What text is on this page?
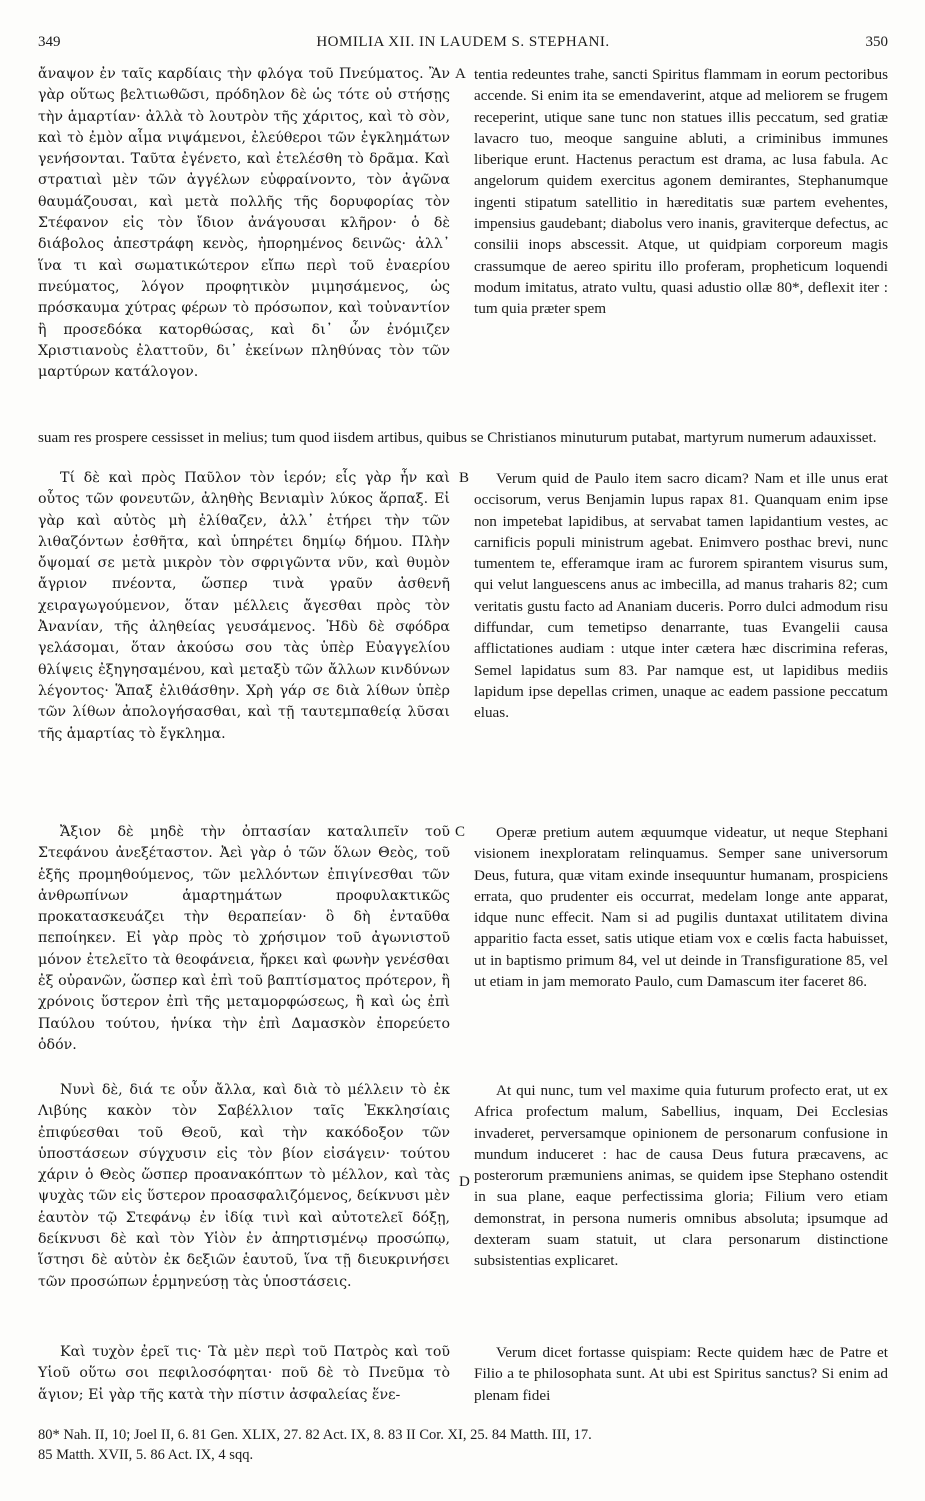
349	HOMILIA XII. IN LAUDEM S. STEPHANI.	350

ἄναψον ἐν ταῖς καρδίαις τὴν φλόγα τοῦ Πνεύματος. Ἂν γὰρ οὕτως βελτιωθῶσι, πρόδηλον δὲ ὡς τότε οὐ στήσῃς τὴν ἁμαρτίαν· ἀλλὰ τὸ λουτρὸν τῆς χάριτος, καὶ τὸ σὸν, καὶ τὸ ἐμὸν αἷμα νιψάμενοι, ἐλεύθεροι τῶν ἐγκλημάτων γενήσονται. Ταῦτα ἐγένετο, καὶ ἐτελέσθη τὸ δρᾶμα. Καὶ στρατιαὶ μὲν τῶν ἀγγέλων εὐφραίνοντο, τὸν ἀγῶνα θαυμάζουσαι, καὶ μετὰ πολλῆς τῆς δορυφορίας τὸν Στέφανον εἰς τὸν ἴδιον ἀνάγουσαι κλῆρον· ὁ δὲ διάβολος ἀπεστράφη κενὸς, ἠπορημένος δεινῶς· ἀλλ᾽ ἵνα τι καὶ σωματικώτερον εἴπω περὶ τοῦ ἐναερίου πνεύματος, λόγον προφητικὸν μιμησάμενος, ὡς πρόσκαυμα χύτρας φέρων τὸ πρόσωπον, καὶ τοὐναντίον ἢ προσεδόκα κατορθώσας, καὶ δι᾽ ὧν ἐνόμιζεν Χριστιανοὺς ἐλαττοῦν, δι᾽ ἐκείνων πληθύνας τὸν τῶν μαρτύρων κατάλογον.

tentia redeuntes trahe, sancti Spiritus flammam in eorum pectoribus accende. Si enim ita se emendaverint, atque ad meliorem se frugem receperint, utique sane tunc non statues illis peccatum, sed gratiæ lavacro tuo, meoque sanguine abluti, a criminibus immunes liberique erunt. Hactenus peractum est drama, ac lusa fabula. Ac angelorum quidem exercitus agonem demirantes, Stephanumque ingenti stipatum satellitio in hæreditatis suæ partem evehentes, impensius gaudebant; diabolus vero inanis, graviterque defectus, ac consilii inops abscessit. Atque, ut quidpiam corporeum magis crassumque de aereo spiritu illo proferam, propheticum loquendi modum imitatus, atrato vultu, quasi adustio ollæ 80*, deflexit iter : tum quia præter spem

A

suam res prospere cessisset in melius; tum quod iisdem artibus, quibus se Christianos minuturum putabat, martyrum numerum adauxisset.

Τί δὲ καὶ πρὸς Παῦλον τὸν ἱερόν; εἷς γὰρ ἦν καὶ οὗτος τῶν φονευτῶν, ἀληθὴς Βενιαμὶν λύκος ἅρπαξ. Εἰ γὰρ καὶ αὐτὸς μὴ ἐλίθαζεν, ἀλλ᾽ ἐτήρει τὴν τῶν λιθαζόντων ἐσθῆτα, καὶ ὑπηρέτει δημίῳ δήμου. Πλὴν ὄψομαί σε μετὰ μικρὸν τὸν σφριγῶντα νῦν, καὶ θυμὸν ἄγριον πνέοντα, ὥσπερ τινὰ γραῦν ἀσθενῆ χειραγωγούμενον, ὅταν μέλλεις ἄγεσθαι πρὸς τὸν Ἀνανίαν, τῆς ἀληθείας γευσάμενος. Ἡδὺ δὲ σφόδρα γελάσομαι, ὅταν ἀκούσω σου τὰς ὑπὲρ Εὐαγγελίου θλίψεις ἐξηγησαμένου, καὶ μεταξὺ τῶν ἄλλων κινδύνων λέγοντος· Ἅπαξ ἐλιθάσθην. Χρὴ γάρ σε διὰ λίθων ὑπὲρ τῶν λίθων ἀπολογήσασθαι, καὶ τῇ ταυτεμπαθείᾳ λῦσαι τῆς ἁμαρτίας τὸ ἔγκλημα.

Verum quid de Paulo item sacro dicam? Nam et ille unus erat occisorum, verus Benjamin lupus rapax 81. Quanquam enim ipse non impetebat lapidibus, at servabat tamen lapidantium vestes, ac carnificis populi ministrum agebat. Enimvero posthac brevi, nunc tumentem te, efferamque iram ac furorem spirantem visurus sum, qui velut languescens anus ac imbecilla, ad manus traharis 82; cum veritatis gustu facto ad Ananiam duceris. Porro dulci admodum risu diffundar, cum temetipso denarrante, tuas Evangelii causa afflictationes audiam : utque inter cætera hæc discrimina referas, Semel lapidatus sum 83. Par namque est, ut lapidibus mediis lapidum ipse depellas crimen, unaque ac eadem passione peccatum eluas.

B

Ἄξιον δὲ μηδὲ τὴν ὀπτασίαν καταλιπεῖν τοῦ Στεφάνου ἀνεξέταστον. Ἀεὶ γὰρ ὁ τῶν ὅλων Θεὸς, τοῦ ἑξῆς προμηθούμενος, τῶν μελλόντων ἐπιγίνεσθαι τῶν ἀνθρωπίνων ἁμαρτημάτων προφυλακτικῶς προκατασκευάζει τὴν θεραπείαν· ὃ δὴ ἐνταῦθα πεποίηκεν. Εἰ γὰρ πρὸς τὸ χρήσιμον τοῦ ἀγωνιστοῦ μόνον ἐτελεῖτο τὰ θεοφάνεια, ἤρκει καὶ φωνὴν γενέσθαι ἐξ οὐρανῶν, ὥσπερ καὶ ἐπὶ τοῦ βαπτίσματος πρότερον, ἢ χρόνοις ὕστερον ἐπὶ τῆς μεταμορφώσεως, ἢ καὶ ὡς ἐπὶ Παύλου τούτου, ἡνίκα τὴν ἐπὶ Δαμασκὸν ἐπορεύετο ὁδόν.

Operæ pretium autem æquumque videatur, ut neque Stephani visionem inexploratam relinquamus. Semper sane universorum Deus, futura, quæ vitam exinde insequuntur humanam, prospiciens errata, quo prudenter eis occurrat, medelam longe ante apparat, idque nunc effecit. Nam si ad pugilis duntaxat utilitatem divina apparitio facta esset, satis utique etiam vox e cœlis facta habuisset, ut in baptismo primum 84, vel ut deinde in Transfiguratione 85, vel ut etiam in jam memorato Paulo, cum Damascum iter faceret 86.

C

Νυνὶ δὲ, διά τε οὖν ἄλλα, καὶ διὰ τὸ μέλλειν τὸ ἐκ Λιβύης κακὸν τὸν Σαβέλλιον ταῖς Ἐκκλησίαις ἐπιφύεσθαι τοῦ Θεοῦ, καὶ τὴν κακόδοξον τῶν ὑποστάσεων σύγχυσιν εἰς τὸν βίον εἰσάγειν· τούτου χάριν ὁ Θεὸς ὥσπερ προανακόπτων τὸ μέλλον, καὶ τὰς ψυχὰς τῶν εἰς ὕστερον προασφαλιζόμενος, δείκνυσι μὲν ἑαυτὸν τῷ Στεφάνῳ ἐν ἰδίᾳ τινὶ καὶ αὐτοτελεῖ δόξῃ, δείκνυσι δὲ καὶ τὸν Υἱὸν ἐν ἀπηρτισμένῳ προσώπῳ, ἵστησι δὲ αὐτὸν ἐκ δεξιῶν ἑαυτοῦ, ἵνα τῇ διευκρινήσει τῶν προσώπων ἑρμηνεύσῃ τὰς ὑποστάσεις.

At qui nunc, tum vel maxime quia futurum profecto erat, ut ex Africa profectum malum, Sabellius, inquam, Dei Ecclesias invaderet, perversamque opinionem de personarum confusione in mundum induceret : hac de causa Deus futura præcavens, ac posterorum præmuniens animas, se quidem ipse Stephano ostendit in sua plane, eaque perfectissima gloria; Filium vero etiam demonstrat, in persona numeris omnibus absoluta; ipsumque ad dexteram suam statuit, ut clara personarum distinctione subsistentias explicaret.

D

Καὶ τυχὸν ἐρεῖ τις· Τὰ μὲν περὶ τοῦ Πατρὸς καὶ τοῦ Υἱοῦ οὕτω σοι πεφιλοσόφηται· ποῦ δὲ τὸ Πνεῦμα τὸ ἅγιον; Εἰ γὰρ τῆς κατὰ τὴν πίστιν ἀσφαλείας ἕνε-

Verum dicet fortasse quispiam: Recte quidem hæc de Patre et Filio a te philosophata sunt. At ubi est Spiritus sanctus? Si enim ad plenam fidei

80* Nah. II, 10; Joel II, 6. 81 Gen. XLIX, 27. 82 Act. IX, 8. 83 II Cor. XI, 25. 84 Matth. III, 17.
85 Matth. XVII, 5. 86 Act. IX, 4 sqq.
